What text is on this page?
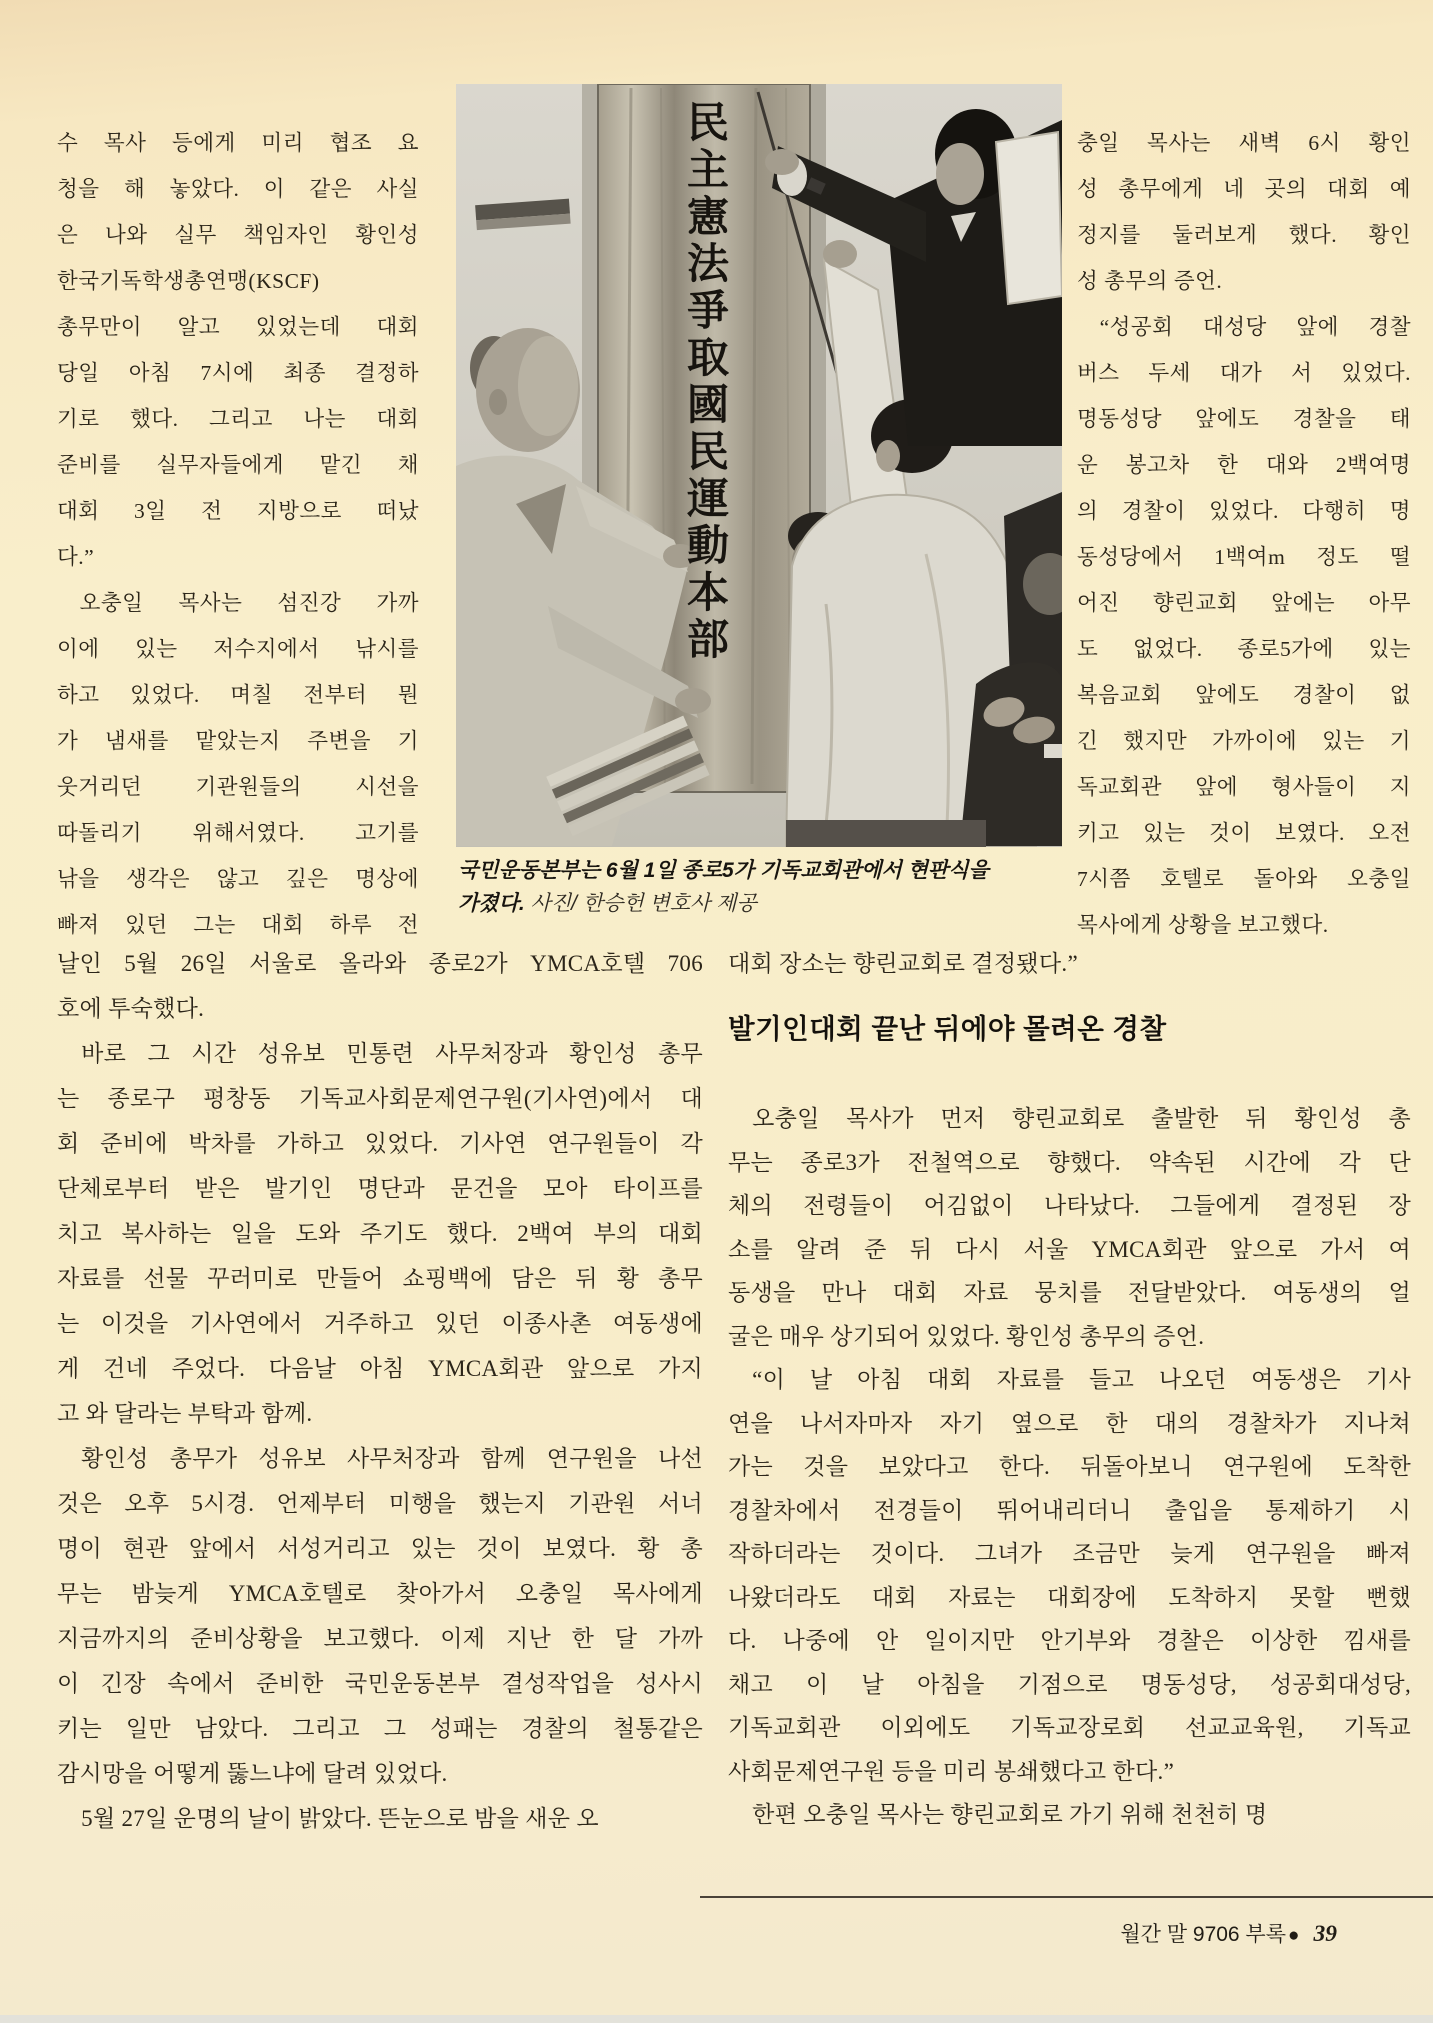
수 목사 등에게 미리 협조 요
청을 해 놓았다. 이 같은 사실
은 나와 실무 책임자인 황인성
한국기독학생총연맹(KSCF)
총무만이 알고 있었는데 대회
당일 아침 7시에 최종 결정하
기로 했다. 그리고 나는 대회
준비를 실무자들에게 맡긴 채
대회 3일 전 지방으로 떠났
다.”
오충일 목사는 섬진강 가까
이에 있는 저수지에서 낚시를
하고 있었다. 며칠 전부터 뭔
가 냄새를 맡았는지 주변을 기
웃거리던 기관원들의 시선을
따돌리기 위해서였다. 고기를
낚을 생각은 않고 깊은 명상에
빠져 있던 그는 대회 하루 전
충일 목사는 새벽 6시 황인
성 총무에게 네 곳의 대회 예
정지를 둘러보게 했다. 황인
성 총무의 증언.
“성공회 대성당 앞에 경찰
버스 두세 대가 서 있었다.
명동성당 앞에도 경찰을 태
운 봉고차 한 대와 2백여명
의 경찰이 있었다. 다행히 명
동성당에서 1백여m 정도 떨
어진 향린교회 앞에는 아무
도 없었다. 종로5가에 있는
복음교회 앞에도 경찰이 없
긴 했지만 가까이에 있는 기
독교회관 앞에 형사들이 지
키고 있는 것이 보였다. 오전
7시쯤 호텔로 돌아와 오충일
목사에게 상황을 보고했다.
民主憲法爭取國民運動本部
국민운동본부는 6월 1일 종로5가 기독교회관에서 현판식을
가졌다. 사진/ 한승헌 변호사 제공
날인 5월 26일 서울로 올라와 종로2가 YMCA호텔 706
호에 투숙했다.
바로 그 시간 성유보 민통련 사무처장과 황인성 총무
는 종로구 평창동 기독교사회문제연구원(기사연)에서 대
회 준비에 박차를 가하고 있었다. 기사연 연구원들이 각
단체로부터 받은 발기인 명단과 문건을 모아 타이프를
치고 복사하는 일을 도와 주기도 했다. 2백여 부의 대회
자료를 선물 꾸러미로 만들어 쇼핑백에 담은 뒤 황 총무
는 이것을 기사연에서 거주하고 있던 이종사촌 여동생에
게 건네 주었다. 다음날 아침 YMCA회관 앞으로 가지
고 와 달라는 부탁과 함께.
황인성 총무가 성유보 사무처장과 함께 연구원을 나선
것은 오후 5시경. 언제부터 미행을 했는지 기관원 서너
명이 현관 앞에서 서성거리고 있는 것이 보였다. 황 총
무는 밤늦게 YMCA호텔로 찾아가서 오충일 목사에게
지금까지의 준비상황을 보고했다. 이제 지난 한 달 가까
이 긴장 속에서 준비한 국민운동본부 결성작업을 성사시
키는 일만 남았다. 그리고 그 성패는 경찰의 철통같은
감시망을 어떻게 뚫느냐에 달려 있었다.
5월 27일 운명의 날이 밝았다. 뜬눈으로 밤을 새운 오
대회 장소는 향린교회로 결정됐다.”
발기인대회 끝난 뒤에야 몰려온 경찰
오충일 목사가 먼저 향린교회로 출발한 뒤 황인성 총
무는 종로3가 전철역으로 향했다. 약속된 시간에 각 단
체의 전령들이 어김없이 나타났다. 그들에게 결정된 장
소를 알려 준 뒤 다시 서울 YMCA회관 앞으로 가서 여
동생을 만나 대회 자료 뭉치를 전달받았다. 여동생의 얼
굴은 매우 상기되어 있었다. 황인성 총무의 증언.
“이 날 아침 대회 자료를 들고 나오던 여동생은 기사
연을 나서자마자 자기 옆으로 한 대의 경찰차가 지나쳐
가는 것을 보았다고 한다. 뒤돌아보니 연구원에 도착한
경찰차에서 전경들이 뛰어내리더니 출입을 통제하기 시
작하더라는 것이다. 그녀가 조금만 늦게 연구원을 빠져
나왔더라도 대회 자료는 대회장에 도착하지 못할 뻔했
다. 나중에 안 일이지만 안기부와 경찰은 이상한 낌새를
채고 이 날 아침을 기점으로 명동성당, 성공회대성당,
기독교회관 이외에도 기독교장로회 선교교육원, 기독교
사회문제연구원 등을 미리 봉쇄했다고 한다.”
한편 오충일 목사는 향린교회로 가기 위해 천천히 명
월간 말 9706 부록 ● 39
